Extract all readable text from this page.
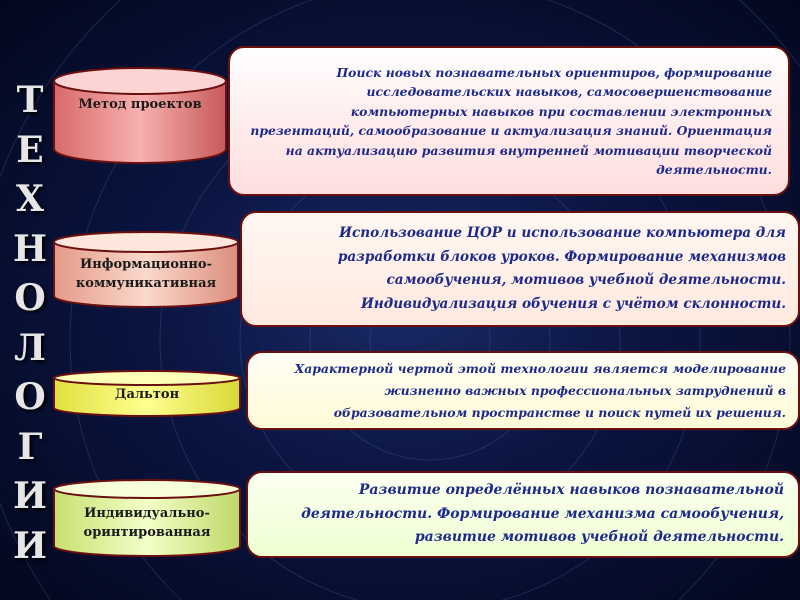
Т
Е
Х
Н
О
Л
О
Г
И
И
Метод проектов
Информационно-
коммуникативная
Дальтон
Индивидуально-
оринтированная

Поиск новых познавательных ориентиров, формирование исследовательских навыков, самосовершенствование компьютерных навыков при составлении электронных презентаций, самообразование и актуализация знаний. Ориентация на актуализацию развития внутренней мотивации творческой деятельности.

Использование ЦОР и использование компьютера для разработки блоков уроков. Формирование механизмов самообучения, мотивов учебной деятельности. Индивидуализация обучения с учётом склонности.

Характерной чертой этой технологии является моделирование жизненно важных профессиональных затруднений в образовательном пространстве и поиск путей их решения.

Развитие определённых навыков познавательной деятельности. Формирование механизма самообучения, развитие мотивов учебной деятельности.
